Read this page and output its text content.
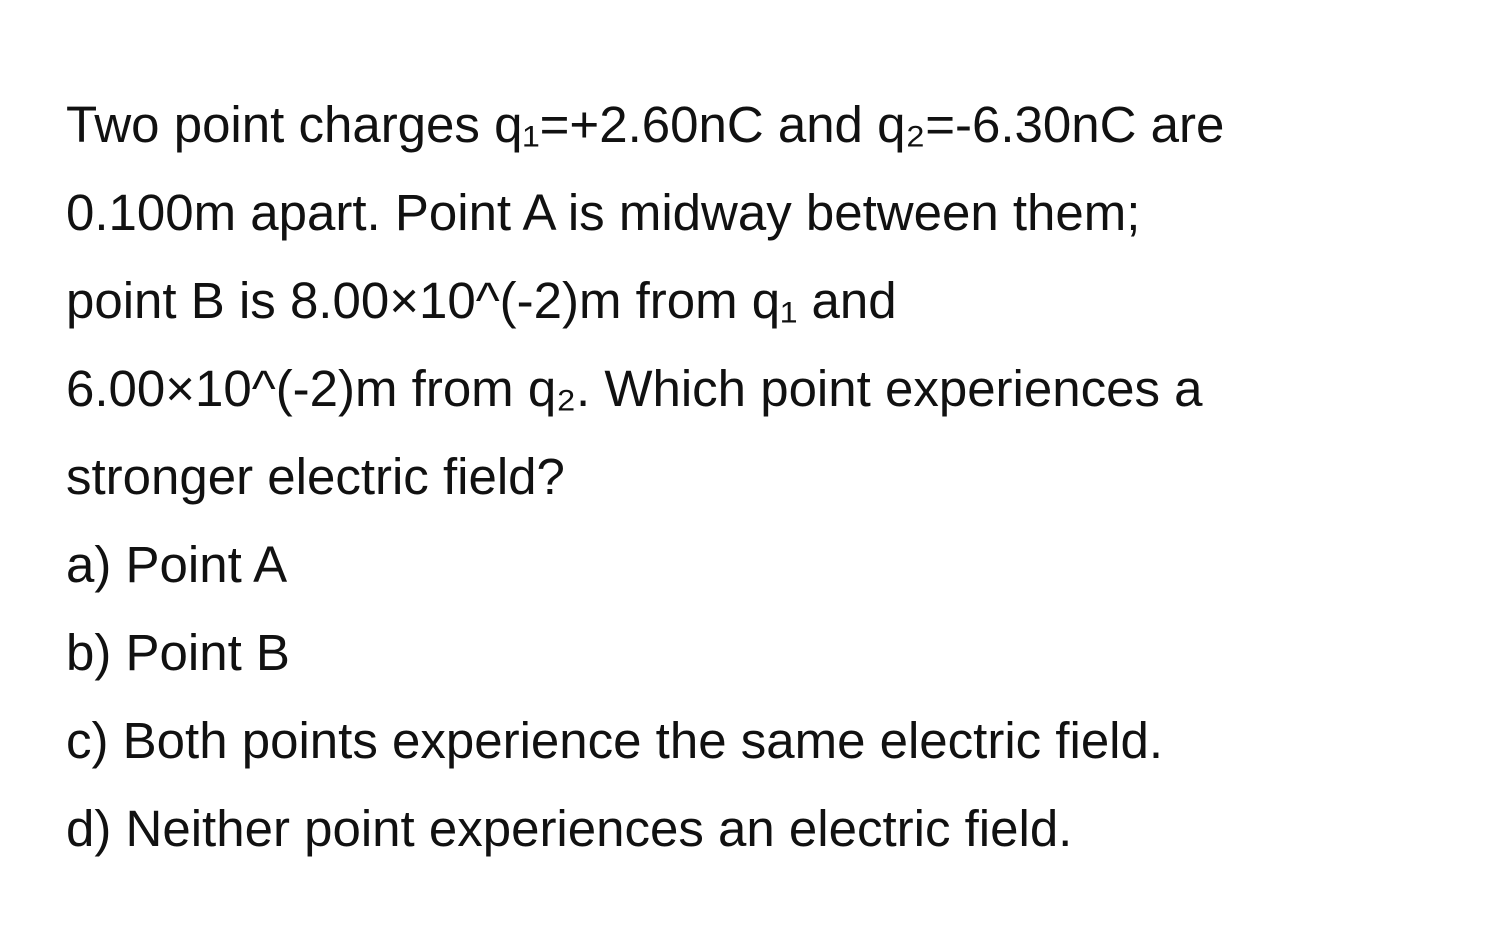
Two point charges q₁=+2.60nC and q₂=-6.30nC are
0.100m apart. Point A is midway between them;
point B is 8.00×10^(-2)m from q₁ and
6.00×10^(-2)m from q₂. Which point experiences a
stronger electric field?
a) Point A
b) Point B
c) Both points experience the same electric field.
d) Neither point experiences an electric field.
